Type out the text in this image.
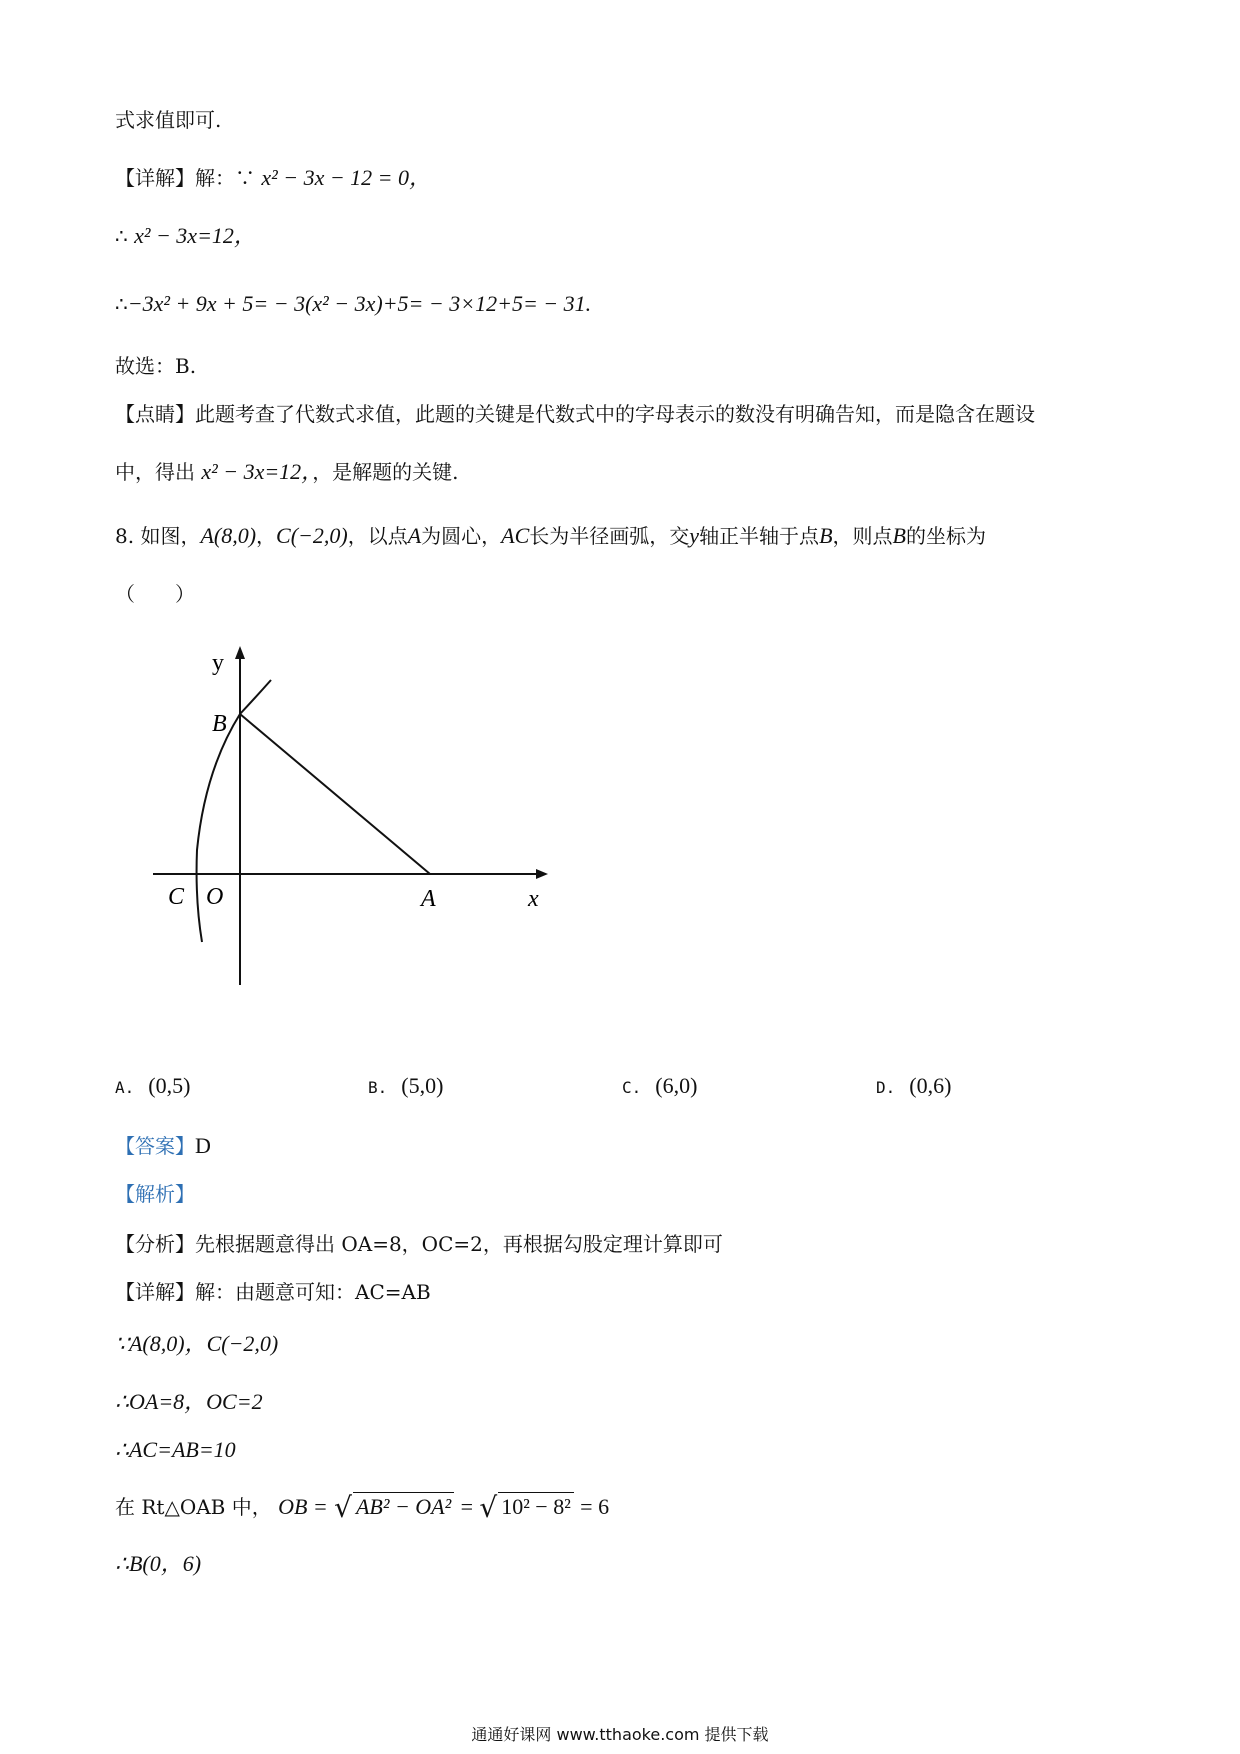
式求值即可.
【详解】解：∵ x² − 3x − 12 = 0，
∴ x² − 3x=12，
∴−3x² + 9x + 5= − 3(x² − 3x)+5= − 3×12+5= − 31.
故选：B.
【点睛】此题考查了代数式求值，此题的关键是代数式中的字母表示的数没有明确告知，而是隐含在题设
中，得出 x² − 3x=12，，是解题的关键.
8. 如图，A(8,0)，C(−2,0)，以点A为圆心，AC长为半径画弧，交y轴正半轴于点B，则点B的坐标为
（　　）
y
x
B
C O	A
A. (0,5)	B. (5,0)	C. (6,0)	D. (0,6)
【答案】D
【解析】
【分析】先根据题意得出 OA=8，OC=2，再根据勾股定理计算即可
【详解】解：由题意可知：AC=AB
∵A(8,0)，C(−2,0)
∴OA=8，OC=2
∴AC=AB=10
在 Rt△OAB 中， OB = √ AB² − OA² = √ 10² − 8² = 6
∴B(0，6)
通通好课网 www.tthaoke.com 提供下载
